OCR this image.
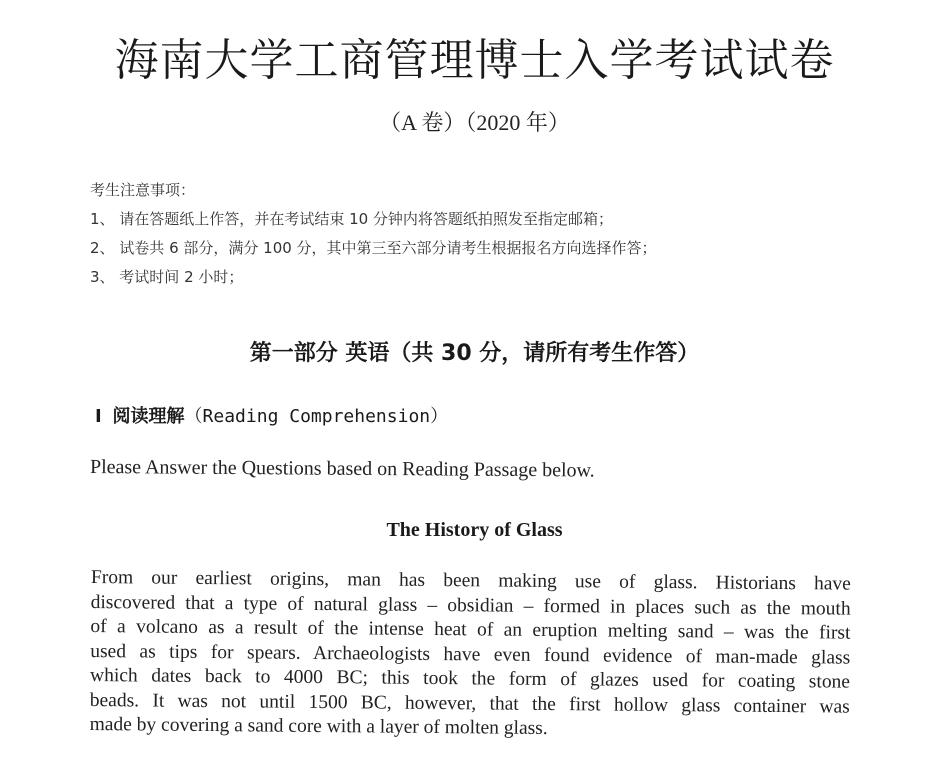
海南大学工商管理博士入学考试试卷
（A 卷）（2020 年）
考生注意事项：
1、 请在答题纸上作答，并在考试结束 10 分钟内将答题纸拍照发至指定邮箱；
2、 试卷共 6 部分，满分 100 分，其中第三至六部分请考生根据报名方向选择作答；
3、 考试时间 2 小时；
第一部分 英语（共 30 分，请所有考生作答）
I 阅读理解（Reading Comprehension）
Please Answer the Questions based on Reading Passage below.
The History of Glass
From our earliest origins, man has been making use of glass. Historians have
discovered that a type of natural glass – obsidian – formed in places such as the mouth
of a volcano as a result of the intense heat of an eruption melting sand – was the first
used as tips for spears. Archaeologists have even found evidence of man-made glass
which dates back to 4000 BC; this took the form of glazes used for coating stone
beads. It was not until 1500 BC, however, that the first hollow glass container was
made by covering a sand core with a layer of molten glass.
